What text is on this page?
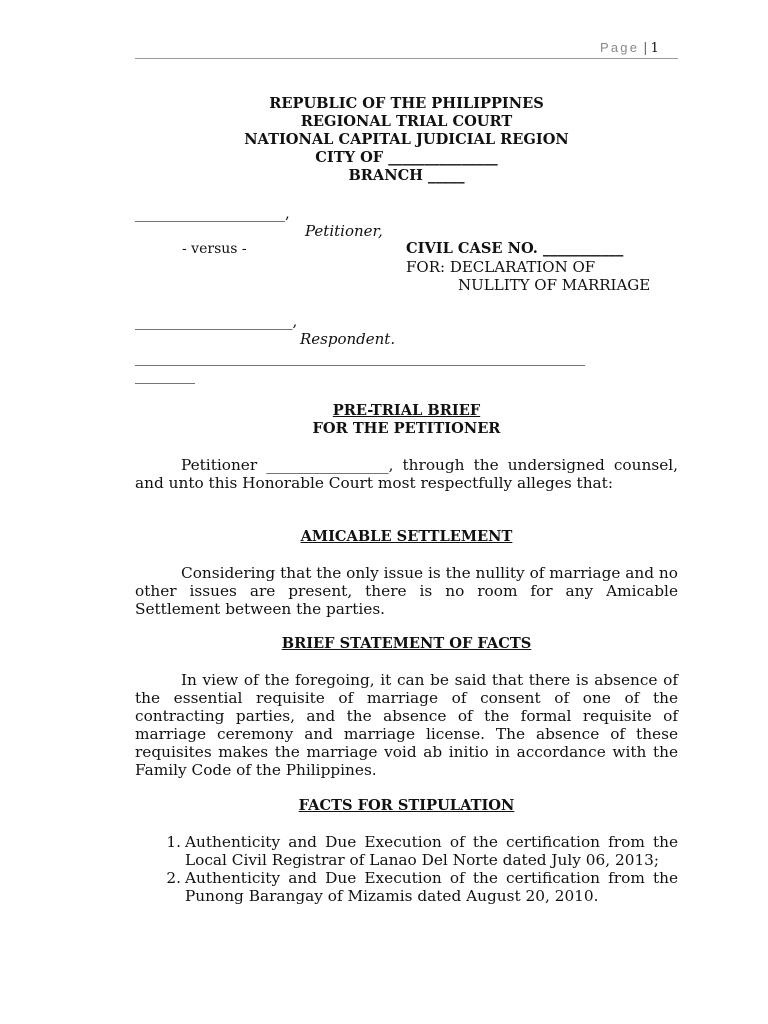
Page | 1
REPUBLIC OF THE PHILIPPINES
REGIONAL TRIAL COURT
NATIONAL CAPITAL JUDICIAL REGION
CITY OF _______________
BRANCH _____
____________________,
Petitioner,
- versus -	CIVIL CASE NO. ___________
FOR: DECLARATION OF
NULLITY OF MARRIAGE
_____________________,
Respondent.
____________________________________________________________
________
PRE-TRIAL BRIEF
FOR THE PETITIONER
Petitioner ________________, through the undersigned counsel, and unto this Honorable Court most respectfully alleges that:
AMICABLE SETTLEMENT
Considering that the only issue is the nullity of marriage and no other issues are present, there is no room for any Amicable Settlement between the parties.
BRIEF STATEMENT OF FACTS
In view of the foregoing, it can be said that there is absence of the essential requisite of marriage of consent of one of the contracting parties, and the absence of the formal requisite of marriage ceremony and marriage license. The absence of these requisites makes the marriage void ab initio in accordance with the Family Code of the Philippines.
FACTS FOR STIPULATION
1. Authenticity and Due Execution of the certification from the Local Civil Registrar of Lanao Del Norte dated July 06, 2013;
2. Authenticity and Due Execution of the certification from the Punong Barangay of Mizamis dated August 20, 2010.
